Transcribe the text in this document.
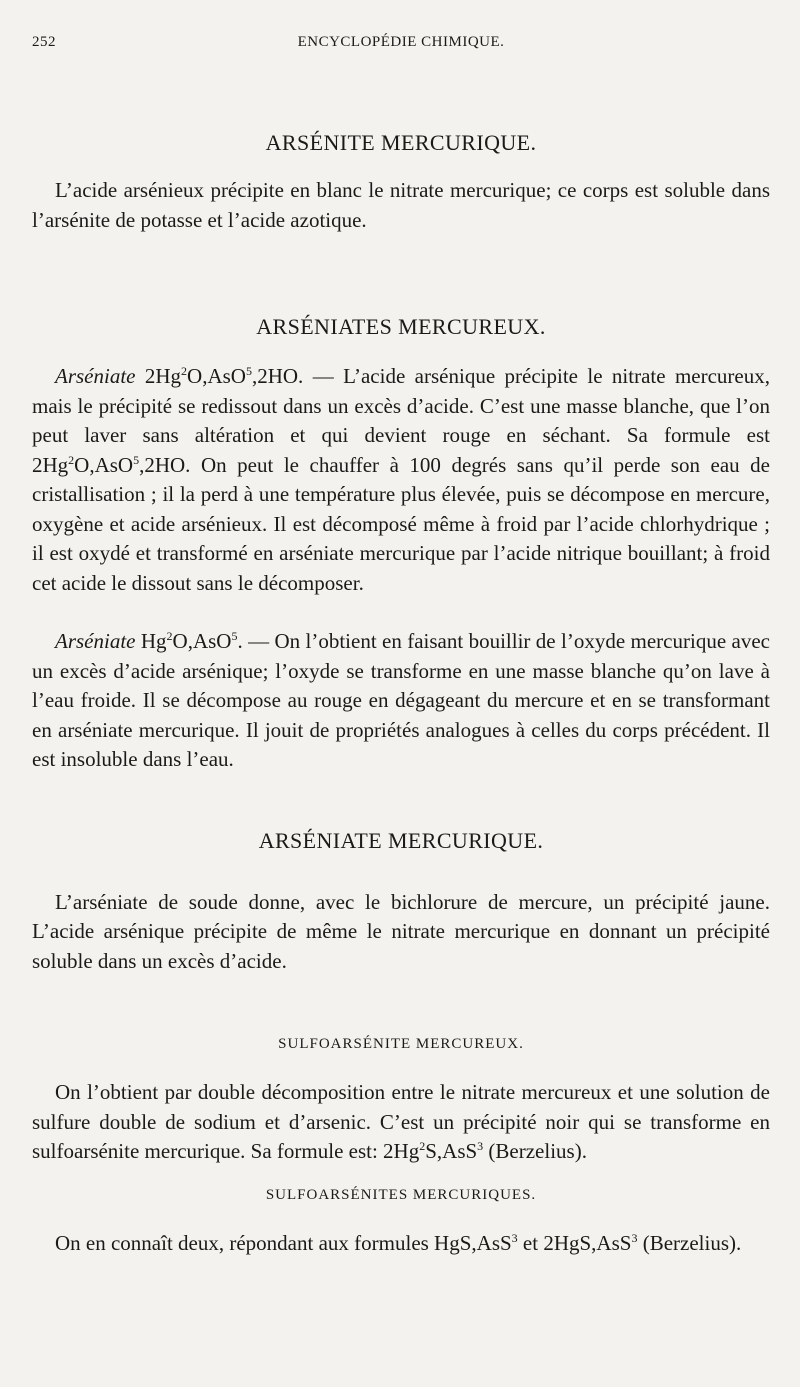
252	ENCYCLOPÉDIE CHIMIQUE.
ARSÉNITE MERCURIQUE.

L’acide arsénieux précipite en blanc le nitrate mercurique; ce corps est soluble dans l’arsénite de potasse et l’acide azotique.

ARSÉNIATES MERCUREUX.

Arséniate 2Hg$^2$O,AsO$^5$,2HO. — L’acide arsénique précipite le nitrate mercureux, mais le précipité se redissout dans un excès d’acide. C’est une masse blanche, que l’on peut laver sans altération et qui devient rouge en séchant. Sa formule est 2Hg$^2$O,AsO$^5$,2HO. On peut le chauffer à 100 degrés sans qu’il perde son eau de cristallisation ; il la perd à une température plus élevée, puis se décompose en mercure, oxygène et acide arsénieux. Il est décomposé même à froid par l’acide chlorhydrique ; il est oxydé et transformé en arséniate mercurique par l’acide nitrique bouillant; à froid cet acide le dissout sans le décomposer.

Arséniate Hg$^2$O,AsO$^5$. — On l’obtient en faisant bouillir de l’oxyde mercurique avec un excès d’acide arsénique; l’oxyde se transforme en une masse blanche qu’on lave à l’eau froide. Il se décompose au rouge en dégageant du mercure et en se transformant en arséniate mercurique. Il jouit de propriétés analogues à celles du corps précédent. Il est insoluble dans l’eau.

ARSÉNIATE MERCURIQUE.

L’arséniate de soude donne, avec le bichlorure de mercure, un précipité jaune. L’acide arsénique précipite de même le nitrate mercurique en donnant un précipité soluble dans un excès d’acide.

SULFOARSÉNITE MERCUREUX.

On l’obtient par double décomposition entre le nitrate mercureux et une solution de sulfure double de sodium et d’arsenic. C’est un précipité noir qui se transforme en sulfoarsénite mercurique. Sa formule est: 2Hg$^2$S,AsS$^3$ (Berzelius).

SULFOARSÉNITES MERCURIQUES.

On en connaît deux, répondant aux formules HgS,AsS$^3$ et 2HgS,AsS$^3$ (Berzelius).
